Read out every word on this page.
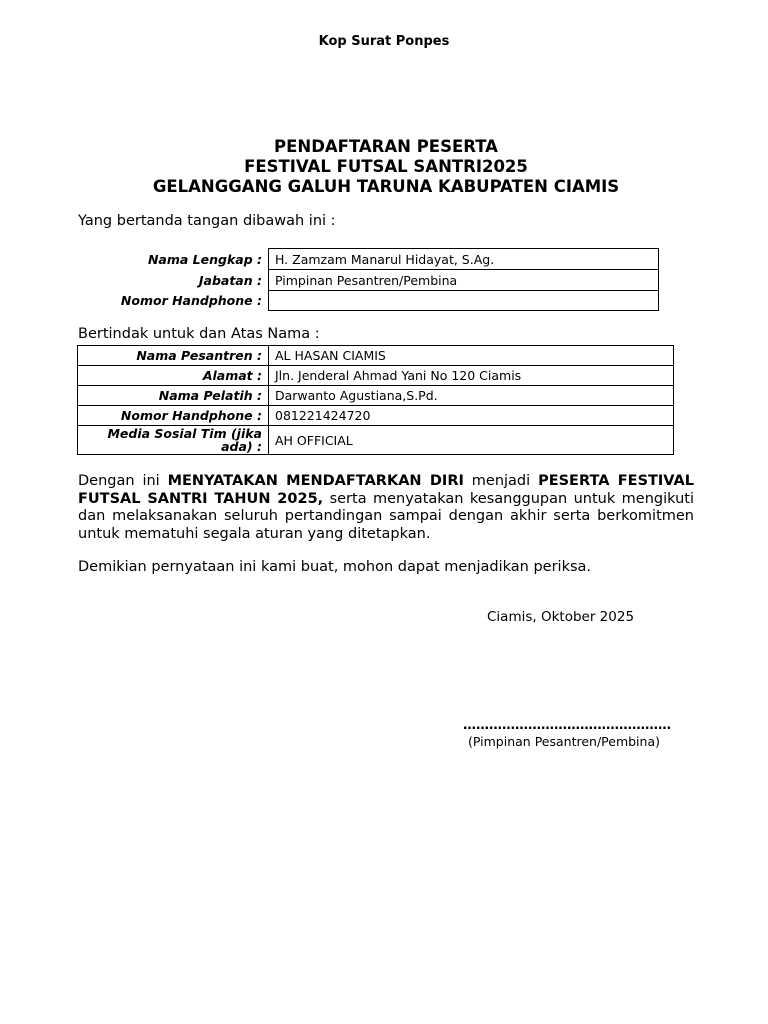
Kop Surat Ponpes
PENDAFTARAN PESERTA
FESTIVAL FUTSAL SANTRI2025
GELANGGANG GALUH TARUNA KABUPATEN CIAMIS
Yang bertanda tangan dibawah ini :
Nama Lengkap :	H. Zamzam Manarul Hidayat, S.Ag.
Jabatan :	Pimpinan Pesantren/Pembina
Nomor Handphone :	
Bertindak untuk dan Atas Nama :
Nama Pesantren :	AL HASAN CIAMIS
Alamat :	Jln. Jenderal Ahmad Yani No 120 Ciamis
Nama Pelatih :	Darwanto Agustiana,S.Pd.
Nomor Handphone :	081221424720
Media Sosial Tim (jika ada) :	AH OFFICIAL
Dengan ini MENYATAKAN MENDAFTARKAN DIRI menjadi PESERTA FESTIVAL FUTSAL SANTRI TAHUN 2025, serta menyatakan kesanggupan untuk mengikuti dan melaksanakan seluruh pertandingan sampai dengan akhir serta berkomitmen untuk mematuhi segala aturan yang ditetapkan.
Demikian pernyataan ini kami buat, mohon dapat menjadikan periksa.
Ciamis, Oktober 2025
…………………………………………
(Pimpinan Pesantren/Pembina)
